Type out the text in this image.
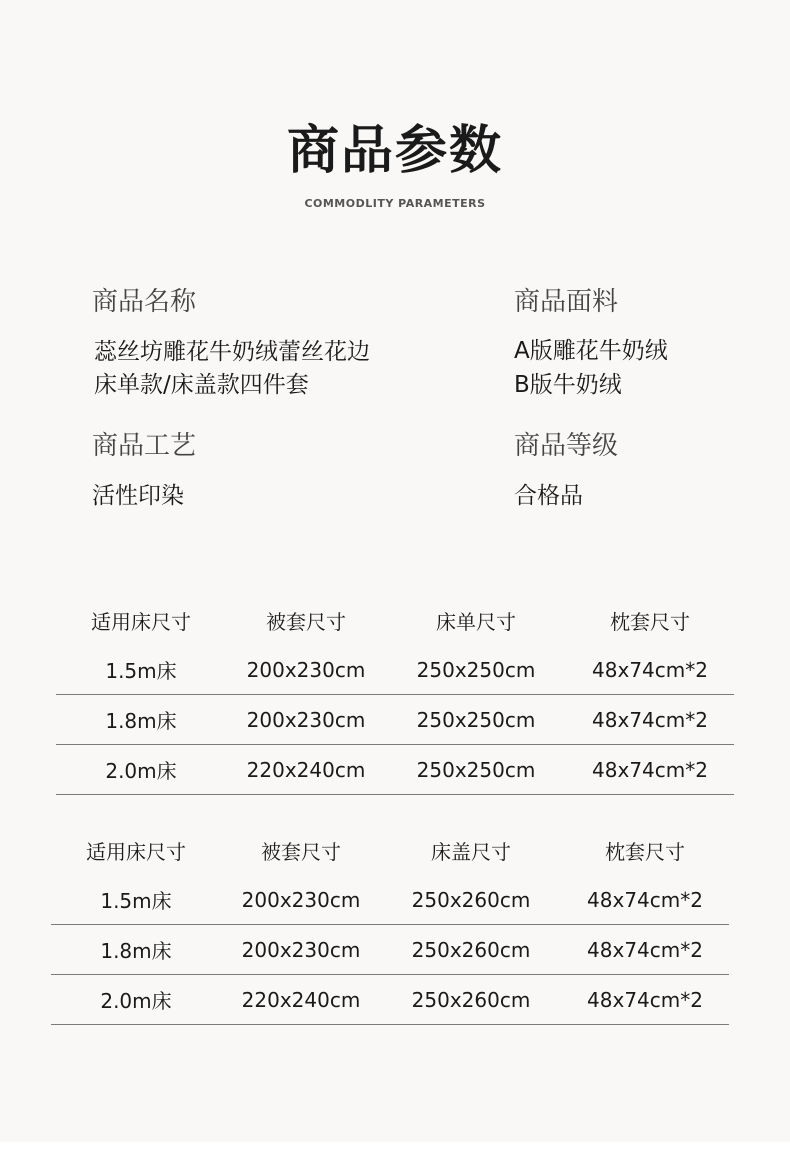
商品参数
COMMODLITY PARAMETERS
商品名称
蕊丝坊雕花牛奶绒蕾丝花边
床单款/床盖款四件套
商品面料
A版雕花牛奶绒
B版牛奶绒
商品工艺
活性印染
商品等级
合格品
适用床尺寸	被套尺寸	床单尺寸	枕套尺寸
1.5m床	200x230cm	250x250cm	48x74cm*2
1.8m床	200x230cm	250x250cm	48x74cm*2
2.0m床	220x240cm	250x250cm	48x74cm*2
适用床尺寸	被套尺寸	床盖尺寸	枕套尺寸
1.5m床	200x230cm	250x260cm	48x74cm*2
1.8m床	200x230cm	250x260cm	48x74cm*2
2.0m床	220x240cm	250x260cm	48x74cm*2
